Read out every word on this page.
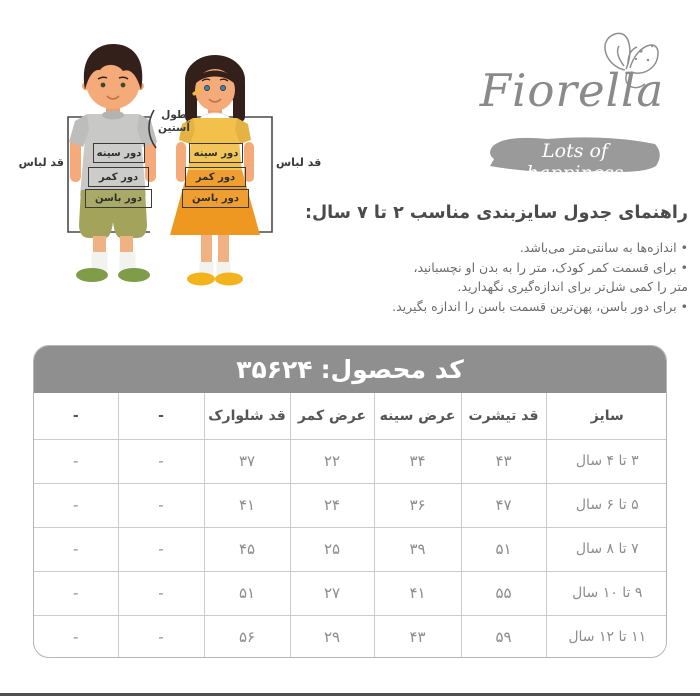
دور سینه
دور کمر
دور باسن
دور سینه
دور کمر
دور باسن
قد لباس	قد لباس
طول
آستین
Fiorella
Lots of happiness
راهنمای جدول سایزبندی مناسب ۲ تا ۷ سال:
• اندازه‌ها به سانتی‌متر می‌باشد.
• برای قسمت کمر کودک، متر را به بدن او نچسبانید،
متر را کمی شل‌تر برای اندازه‌گیری نگهدارید.
• برای دور باسن، پهن‌ترین قسمت باسن را اندازه بگیرید.
کد محصول:
۳۵۶۲۴
سایز	قد تیشرت	عرض سینه	عرض کمر	قد شلوارک	-	-
۳ تا ۴ سال	۴۳	۳۴	۲۲	۳۷	-	-
۵ تا ۶ سال	۴۷	۳۶	۲۴	۴۱	-	-
۷ تا ۸ سال	۵۱	۳۹	۲۵	۴۵	-	-
۹ تا ۱۰ سال	۵۵	۴۱	۲۷	۵۱	-	-
۱۱ تا ۱۲ سال	۵۹	۴۳	۲۹	۵۶	-	-
